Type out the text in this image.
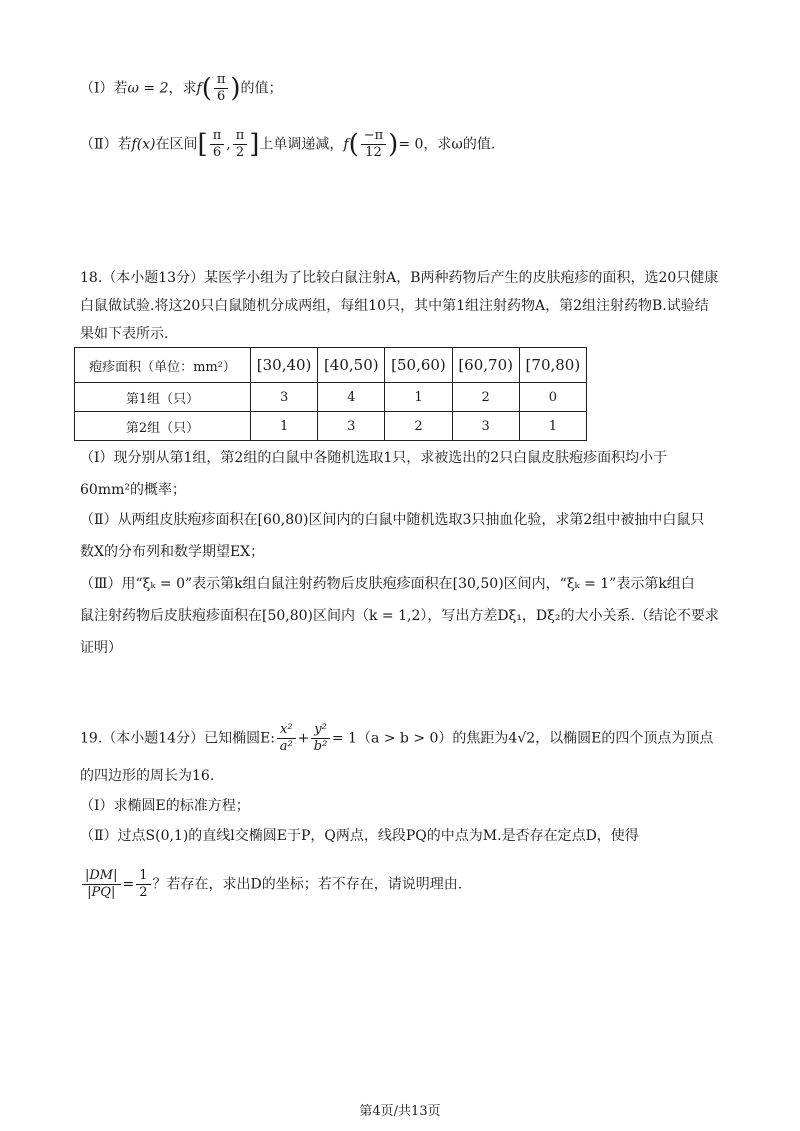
（Ⅰ）若ω = 2，求$f( \frac{\pi}{6}$ )的值；
（Ⅱ）若f(x)在区间[ $\frac{\pi}{6}$ , $\frac{\pi}{2}$ ]上单调递减，$f( \frac{-\pi}{12}$ )= 0，求ω的值.
18.（本小题13分）某医学小组为了比较白鼠注射A，B两种药物后产生的皮肤疱疹的面积，选20只健康
白鼠做试验.将这20只白鼠随机分成两组，每组10只，其中第1组注射药物A，第2组注射药物B.试验结
果如下表所示.
疱疹面积（单位：mm²）	[30,40)	[40,50)	[50,60)	[60,70)	[70,80)
第1组（只）	3	4	1	2	0
第2组（只）	1	3	2	3	1
（Ⅰ）现分别从第1组，第2组的白鼠中各随机选取1只，求被选出的2只白鼠皮肤疱疹面积均小于
60mm²的概率；
（Ⅱ）从两组皮肤疱疹面积在[60,80)区间内的白鼠中随机选取3只抽血化验，求第2组中被抽中白鼠只
数X的分布列和数学期望EX；
（Ⅲ）用“ξₖ = 0”表示第k组白鼠注射药物后皮肤疱疹面积在[30,50)区间内，“ξₖ = 1”表示第k组白
鼠注射药物后皮肤疱疹面积在[50,80)区间内（k = 1,2），写出方差Dξ₁，Dξ₂的大小关系.（结论不要求
证明）
19.（本小题14分）已知椭圆E: $\frac{\text{x²}}{\text{a²}} + \frac{\text{y²}}{\text{b²}} = 1(a > b > 0)$的焦距为4√2，以椭圆E的四个顶点为顶点
的四边形的周长为16.
（Ⅰ）求椭圆E的标准方程；
（Ⅱ）过点S(0,1)的直线l交椭圆E于P，Q两点，线段PQ的中点为M.是否存在定点D，使得
$\frac{|DM|}{|PQ|} = \frac{1}{2}$ ？若存在，求出D的坐标；若不存在，请说明理由.
第4页/共13页
